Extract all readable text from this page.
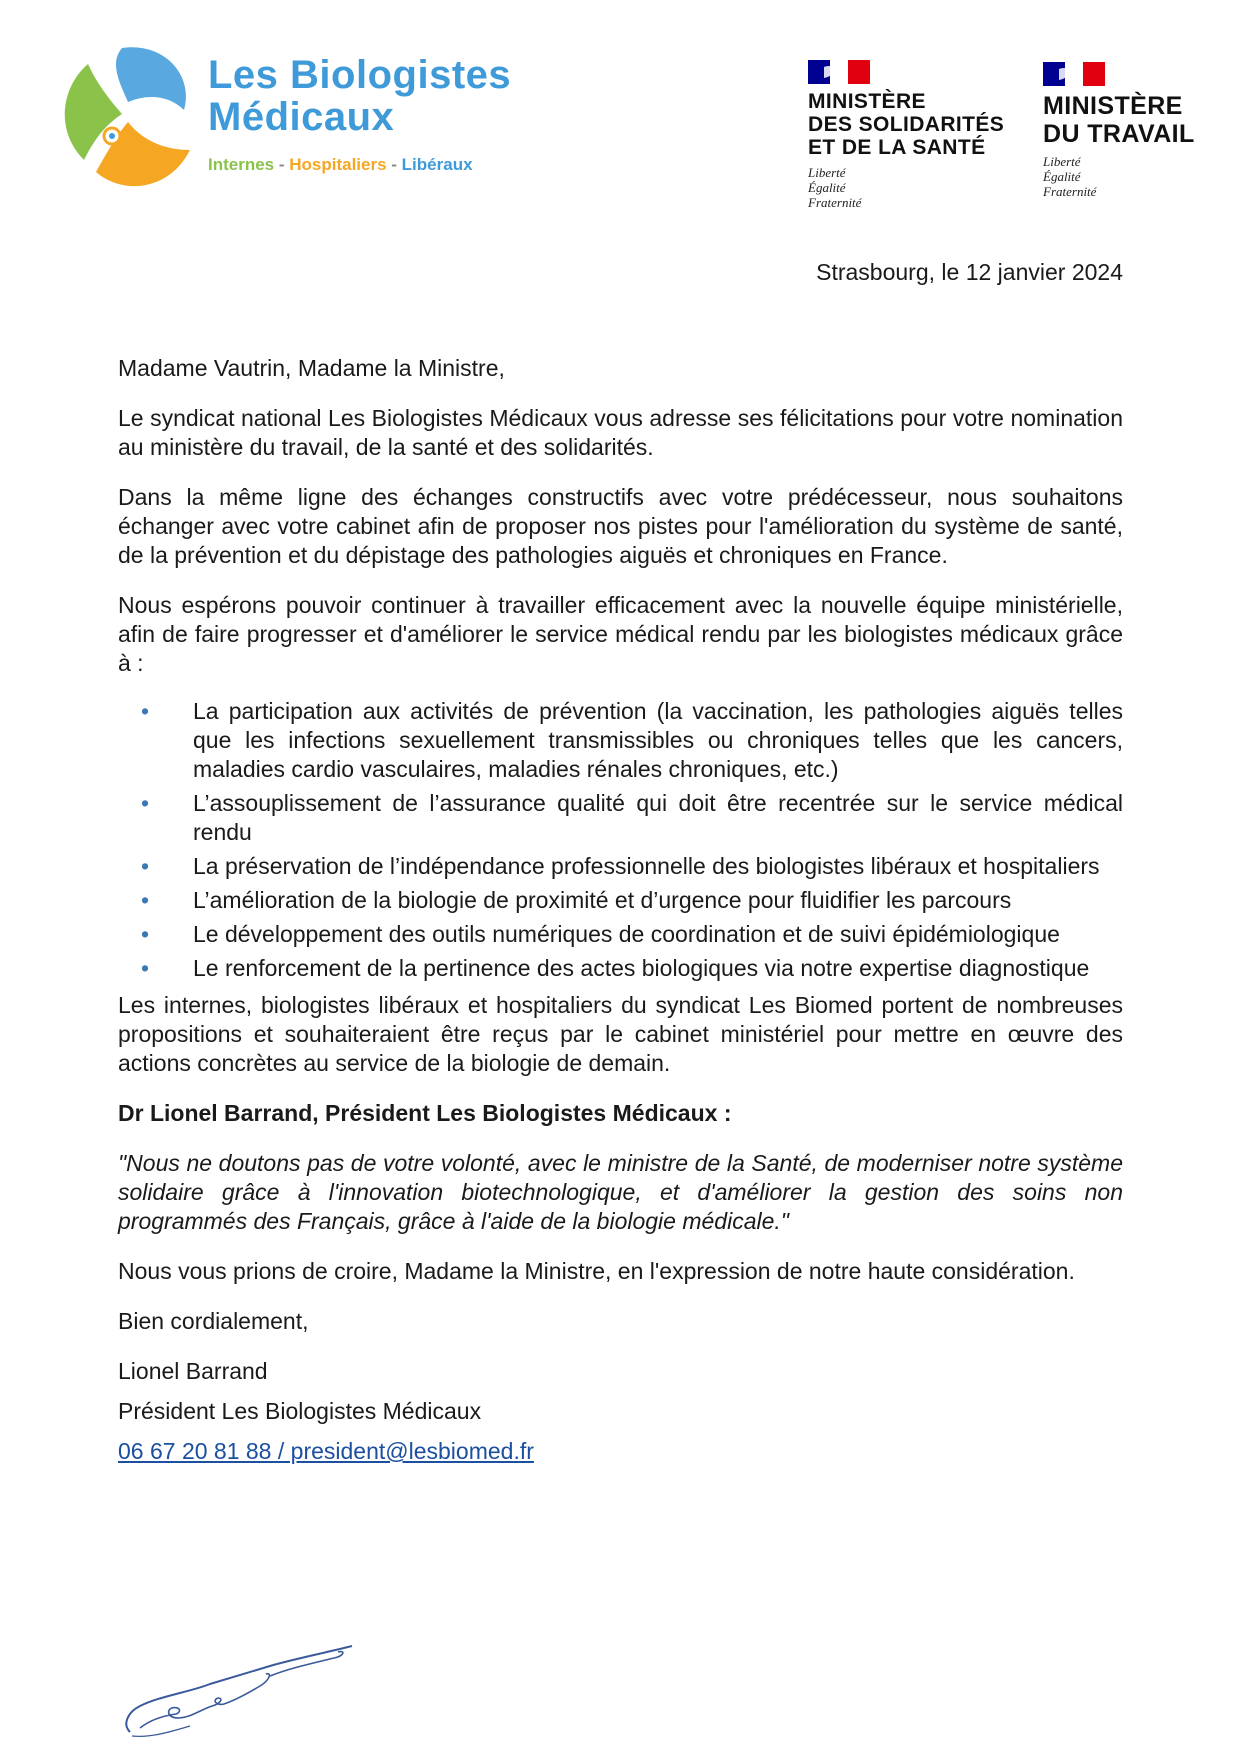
Les Biologistes
Médicaux
Internes - Hospitaliers - Libéraux
MINISTÈRE
DES SOLIDARITÉS
ET DE LA SANTÉ
Liberté
Égalité
Fraternité
MINISTÈRE
DU TRAVAIL
Liberté
Égalité
Fraternité
Strasbourg, le 12 janvier 2024

Madame Vautrin, Madame la Ministre,

Le syndicat national Les Biologistes Médicaux vous adresse ses félicitations pour votre nomination au ministère du travail, de la santé et des solidarités.

Dans la même ligne des échanges constructifs avec votre prédécesseur, nous souhaitons échanger avec votre cabinet afin de proposer nos pistes pour l'amélioration du système de santé, de la prévention et du dépistage des pathologies aiguës et chroniques en France.

Nous espérons pouvoir continuer à travailler efficacement avec la nouvelle équipe ministérielle, afin de faire progresser et d'améliorer le service médical rendu par les biologistes médicaux grâce à :

• La participation aux activités de prévention (la vaccination, les pathologies aiguës telles que les infections sexuellement transmissibles ou chroniques telles que les cancers, maladies cardio vasculaires, maladies rénales chroniques, etc.)
• L’assouplissement de l’assurance qualité qui doit être recentrée sur le service médical rendu
• La préservation de l’indépendance professionnelle des biologistes libéraux et hospitaliers
• L’amélioration de la biologie de proximité et d’urgence pour fluidifier les parcours
• Le développement des outils numériques de coordination et de suivi épidémiologique
• Le renforcement de la pertinence des actes biologiques via notre expertise diagnostique

Les internes, biologistes libéraux et hospitaliers du syndicat Les Biomed portent de nombreuses propositions et souhaiteraient être reçus par le cabinet ministériel pour mettre en œuvre des actions concrètes au service de la biologie de demain.

Dr Lionel Barrand, Président Les Biologistes Médicaux :

"Nous ne doutons pas de votre volonté, avec le ministre de la Santé, de moderniser notre système solidaire grâce à l'innovation biotechnologique, et d'améliorer la gestion des soins non programmés des Français, grâce à l'aide de la biologie médicale."

Nous vous prions de croire, Madame la Ministre, en l'expression de notre haute considération.

Bien cordialement,

Lionel Barrand

Président Les Biologistes Médicaux

06 67 20 81 88 / president@lesbiomed.fr
